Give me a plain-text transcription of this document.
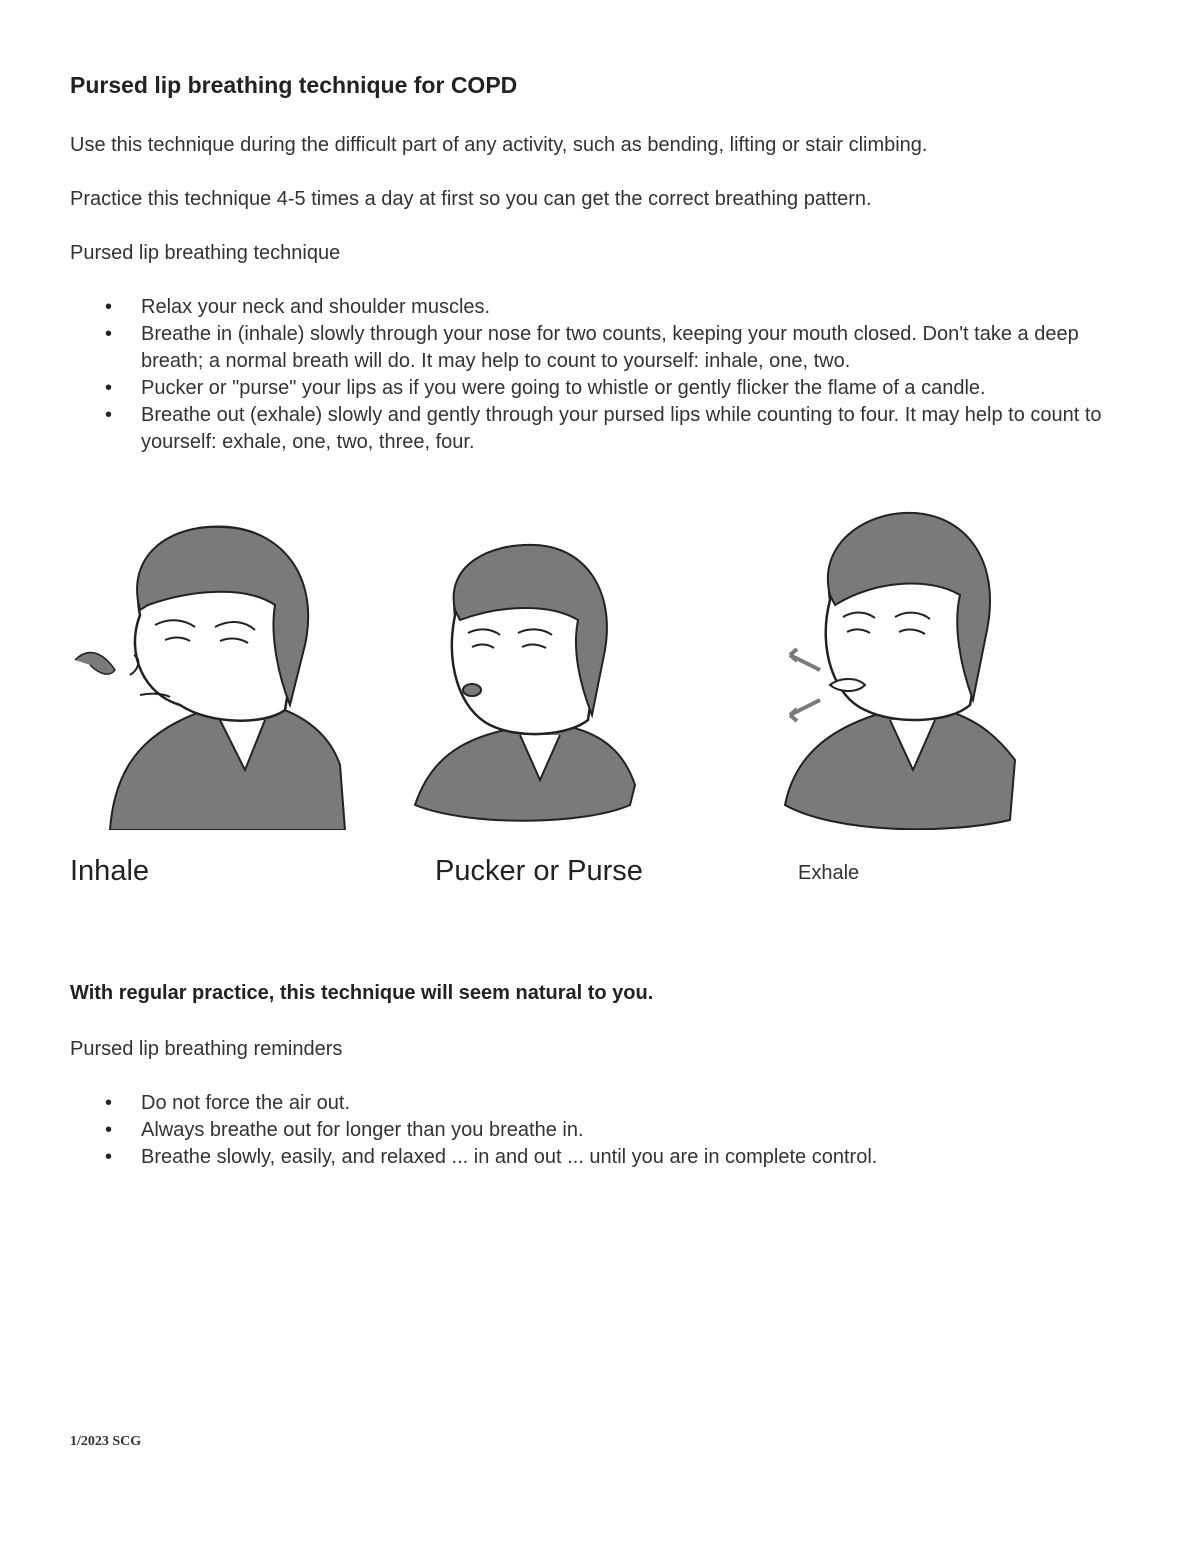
Pursed lip breathing technique for COPD

Use this technique during the difficult part of any activity, such as bending, lifting or stair climbing.

Practice this technique 4-5 times a day at first so you can get the correct breathing pattern.

Pursed lip breathing technique

• Relax your neck and shoulder muscles.
• Breathe in (inhale) slowly through your nose for two counts, keeping your mouth closed. Don't take a deep breath; a normal breath will do. It may help to count to yourself: inhale, one, two.
• Pucker or "purse" your lips as if you were going to whistle or gently flicker the flame of a candle.
• Breathe out (exhale) slowly and gently through your pursed lips while counting to four. It may help to count to yourself: exhale, one, two, three, four.

Inhale	Pucker or Purse	Exhale

With regular practice, this technique will seem natural to you.

Pursed lip breathing reminders

• Do not force the air out.
• Always breathe out for longer than you breathe in.
• Breathe slowly, easily, and relaxed ... in and out ... until you are in complete control.

1/2023 SCG
